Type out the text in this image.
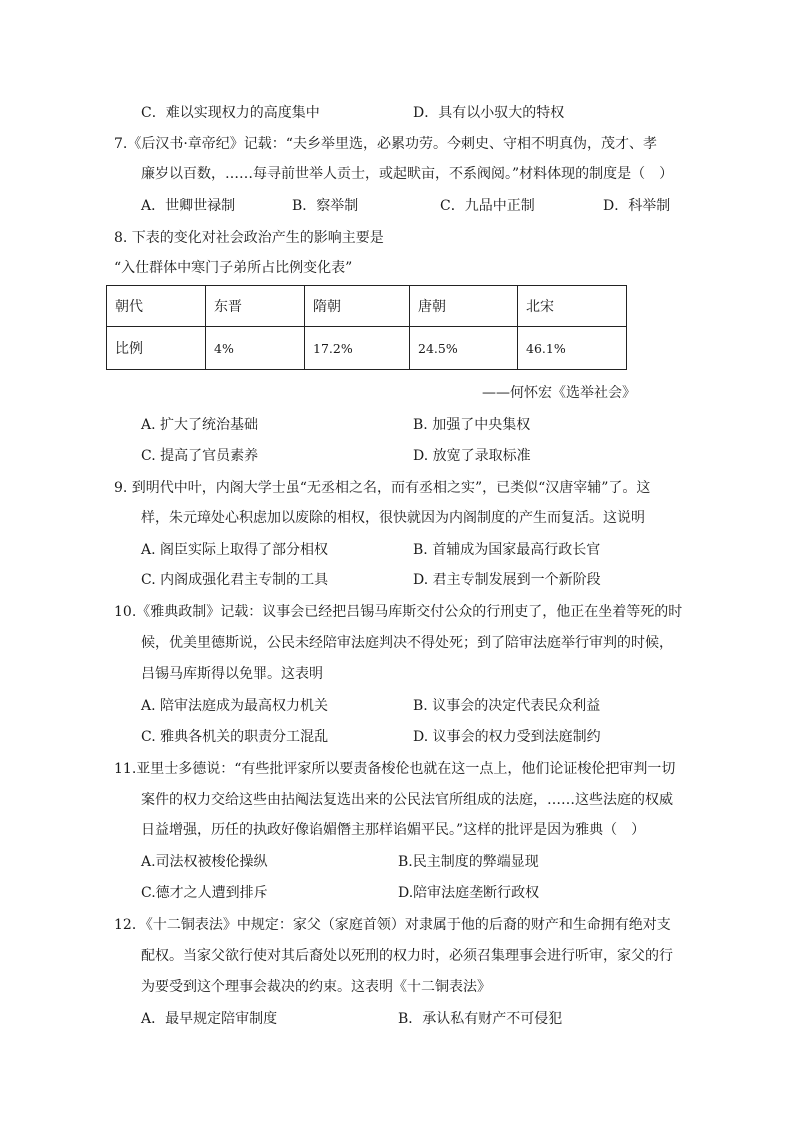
C．难以实现权力的高度集中	D．具有以小驭大的特权
7.《后汉书·章帝纪》记载：“夫乡举里选，必累功劳。今刺史、守相不明真伪，茂才、孝
廉岁以百数，……每寻前世举人贡士，或起畎亩，不系阀阅。”材料体现的制度是（　）
A．世卿世禄制	B．察举制	C．九品中正制	D．科举制
8. 下表的变化对社会政治产生的影响主要是
“入仕群体中寒门子弟所占比例变化表”
朝代	东晋	隋朝	唐朝	北宋
比例	4%	17.2%	24.5%	46.1%
——何怀宏《选举社会》
A. 扩大了统治基础	B. 加强了中央集权
C. 提高了官员素养	D. 放宽了录取标准
9. 到明代中叶，内阁大学士虽“无丞相之名，而有丞相之实”，已类似“汉唐宰辅”了。这
样，朱元璋处心积虑加以废除的相权，很快就因为内阁制度的产生而复活。这说明
A. 阁臣实际上取得了部分相权	B. 首辅成为国家最高行政长官
C. 内阁成强化君主专制的工具	D. 君主专制发展到一个新阶段
10.《雅典政制》记载：议事会已经把吕锡马库斯交付公众的行刑吏了，他正在坐着等死的时
候，优美里德斯说，公民未经陪审法庭判决不得处死；到了陪审法庭举行审判的时候，
吕锡马库斯得以免罪。这表明
A. 陪审法庭成为最高权力机关	B. 议事会的决定代表民众利益
C. 雅典各机关的职责分工混乱	D. 议事会的权力受到法庭制约
11.亚里士多德说：“有些批评家所以要责备梭伦也就在这一点上，他们论证梭伦把审判一切
案件的权力交给这些由拈阄法复选出来的公民法官所组成的法庭，……这些法庭的权威
日益增强，历任的执政好像谄媚僭主那样谄媚平民。”这样的批评是因为雅典（　）
A.司法权被梭伦操纵	B.民主制度的弊端显现
C.德才之人遭到排斥	D.陪审法庭垄断行政权
12．《十二铜表法》中规定：家父（家庭首领）对隶属于他的后裔的财产和生命拥有绝对支
配权。当家父欲行使对其后裔处以死刑的权力时，必须召集理事会进行听审，家父的行
为要受到这个理事会裁决的约束。这表明《十二铜表法》
A．最早规定陪审制度	B．承认私有财产不可侵犯
